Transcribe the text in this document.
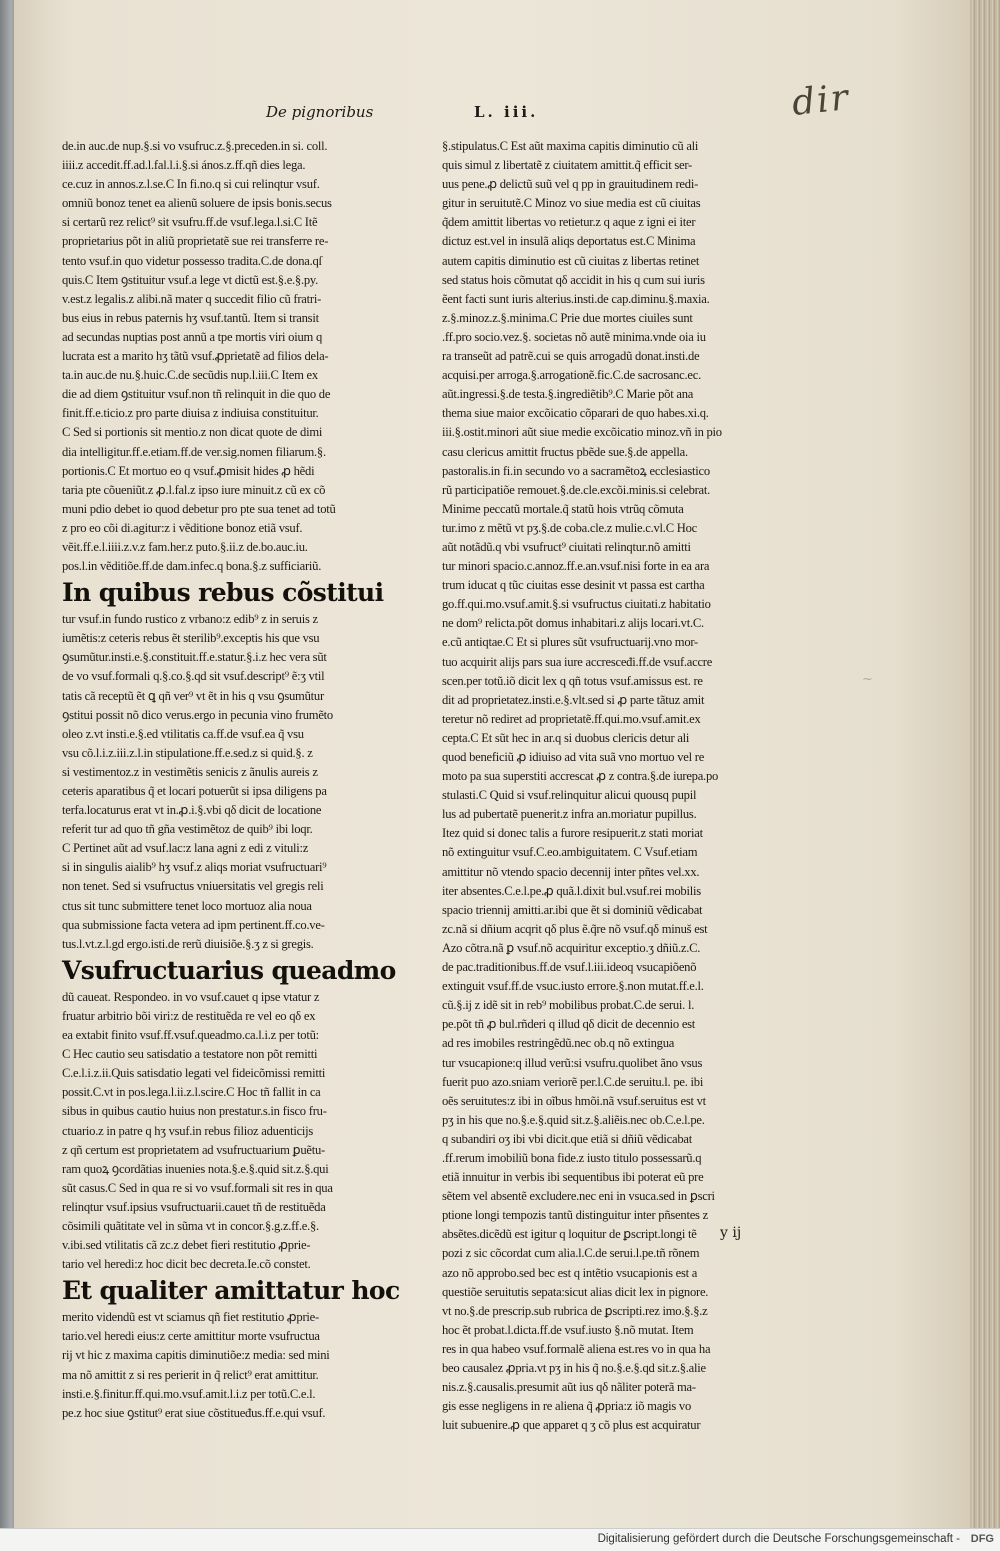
De pignoribus	L. iii.	dir
de.in auc.de nup.§.si vo vsufruc.z.§.preceden.in si. coll.
iiii.z accedit.ff.ad.l.fal.l.i.§.si ános.z.ff.qñ dies lega.
ce.cuz in annos.z.l.se.C In fi.no.q si cui relinqtur vsuf.
omniũ bonoz tenet ea alienũ soluere de ipsis bonis.secus
si certarũ rez relict⁹ sit vsufru.ff.de vsuf.lega.l.si.C Itẽ
proprietarius põt in aliũ proprietatẽ sue rei transferre re-
tento vsuf.in quo videtur possesso tradita.C.de dona.qſ
quis.C Item ꝯstituitur vsuf.a lege vt dictũ est.§.e.§.py.
v.est.z legalis.z alibi.nã mater q succedit filio cũ fratri-
bus eius in rebus paternis hʒ vsuf.tantũ. Item si transit
ad secundas nuptias post annũ a tpe mortis viri oium q
lucrata est a marito hʒ tãtũ vsuf.ꝓprietatẽ ad filios dela-
ta.in auc.de nu.§.huic.C.de secũdis nup.l.iii.C Item ex
die ad diem ꝯstituitur vsuf.non tñ relinquit in die quo de
finit.ff.e.ticio.z pro parte diuisa z indiuisa constituitur.
C Sed si portionis sit mentio.z non dicat quote de dimi
dia intelligitur.ff.e.etiam.ff.de ver.sig.nomen filiarum.§.
portionis.C Et mortuo eo q vsuf.ꝓmisit hides ꝓ hẽdi
taria pte cõueniũt.z ꝓ.l.fal.z ipso iure minuit.z cũ ex cõ
muni pdio debet io quod debetur pro pte sua tenet ad totũ
z pro eo cõi di.agitur:z i vẽditione bonoz etiã vsuf.
vẽit.ff.e.l.iiii.z.v.z fam.her.z puto.§.ii.z de.bo.auc.iu.
pos.l.in vẽditiõe.ff.de dam.infec.q bona.§.z sufficiariũ.
In quibus rebus cõstitui
tur vsuf.in fundo rustico z vrbano:z edib⁹ z in seruis z
iumẽtis:z ceteris rebus ẽt sterilib⁹.exceptis his que vsu
ꝯsumũtur.insti.e.§.constituit.ff.e.statur.§.i.z hec vera sũt
de vo vsuf.formali q.§.co.§.qd sit vsuf.descript⁹ ẽ:ʒ vtil
tatis cã receptũ ẽt ꝗ qñ ver⁹ vt ẽt in his q vsu ꝯsumũtur
ꝯstitui possit nõ dico verus.ergo in pecunia vino frumẽto
oleo z.vt insti.e.§.ed vtilitatis ca.ff.de vsuf.ea q̃ vsu
vsu cõ.l.i.z.iii.z.l.in stipulatione.ff.e.sed.z si quid.§. z
si vestimentoz.z in vestimẽtis senicis z ãnulis aureis z
ceteris aparatibus q̃ et locari potuerũt si ipsa diligens pa
terfa.locaturus erat vt in.ꝓ.i.§.vbi qδ dicit de locatione
referit tur ad quo tñ gña vestimẽtoz de quib⁹ ibi loqr.
C Pertinet aũt ad vsuf.lac:z lana agni z edi z vituli:z
si in singulis aialib⁹ hʒ vsuf.z aliqs moriat vsufructuari⁹
non tenet. Sed si vsufructus vniuersitatis vel gregis reli
ctus sit tunc submittere tenet loco mortuoz alia noua
qua submissione facta vetera ad ipm pertinent.ff.co.ve-
tus.l.vt.z.l.gd ergo.isti.de rerũ diuisiõe.§.ʒ z si gregis.
Vsufructuarius queadmo
dũ caueat. Respondeo. in vo vsuf.cauet q ipse vtatur z
fruatur arbitrio bõi viri:z de restituẽda re vel eo qδ ex
ea extabit finito vsuf.ff.vsuf.queadmo.ca.l.i.z per totũ:
C Hec cautio seu satisdatio a testatore non põt remitti
C.e.l.i.z.ii.Quis satisdatio legati vel fideicõmissi remitti
possit.C.vt in pos.lega.l.ii.z.l.scire.C Hoc tñ fallit in ca
sibus in quibus cautio huius non prestatur.s.in fisco fru-
ctuario.z in patre q hʒ vsuf.in rebus filioz aduenticijs
z qñ certum est proprietatem ad vsufructuarium ꝑuẽtu-
ram quoꝝ ꝯcordãtias inuenies nota.§.e.§.quid sit.z.§.qui
sũt casus.C Sed in qua re si vo vsuf.formali sit res in qua
relinqtur vsuf.ipsius vsufructuarii.cauet tñ de restituẽda
cõsimili quãtitate vel in sũma vt in concor.§.g.z.ff.e.§.
v.ibi.sed vtilitatis cã zc.z debet fieri restitutio ꝓprie-
tario vel heredi:z hoc dicit bec decreta.Ie.cõ constet.
Et qualiter amittatur hoc
merito videndũ est vt sciamus qñ fiet restitutio ꝓprie-
tario.vel heredi eius:z certe amittitur morte vsufructua
rij vt hic z maxima capitis diminutiõe:z media: sed mini
ma nõ amittit z si res perierit in q̃ relict⁹ erat amittitur.
insti.e.§.finitur.ff.qui.mo.vsuf.amit.l.i.z per totũ.C.e.l.
pe.z hoc siue ꝯstitut⁹ erat siue cõstitueđus.ff.e.qui vsuf.
§.stipulatus.C Est aũt maxima capitis diminutio cũ ali
quis simul z libertatẽ z ciuitatem amittit.q̃ efficit ser-
uus pene.ꝓ delictũ suũ vel q pp in grauitudinem redi-
gitur in seruitutẽ.C Minoz vo siue media est cũ ciuitas
q̃dem amittit libertas vo retietur.z q aque z igni ei iter
dictuz est.vel in insulã aliqs deportatus est.C Minima
autem capitis diminutio est cũ ciuitas z libertas retinet
sed status hois cõmutat qδ accidit in his q cum sui iuris
ẽent facti sunt iuris alterius.insti.de cap.diminu.§.maxia.
z.§.minoz.z.§.minima.C Prie due mortes ciuiles sunt
.ff.pro socio.vez.§. societas nõ autẽ minima.vnde oia iu
ra transeũt ad patrẽ.cui se quis arrogadũ donat.insti.de
acquisi.per arroga.§.arrogationẽ.fic.C.de sacrosanc.ec.
aũt.ingressi.§.de testa.§.ingrediẽtib⁹.C Marie põt ana
thema siue maior excõicatio cõparari de quo habes.xi.q.
iii.§.ostit.minori aũt siue medie excõicatio minoz.vñ in pio
casu clericus amittit fructus pbẽde sue.§.de appella.
pastoralis.in fi.in secundo vo a sacramẽtoꝝ ecclesiastico
rũ participatiõe remouet.§.de.cle.excõi.minis.si celebrat.
Minime peccatũ mortale.q̃ statũ hois vtrũq cõmuta
tur.imo z mẽtũ vt pʒ.§.de coba.cle.z mulie.c.vl.C Hoc
aũt notãdũ.q vbi vsufruct⁹ ciuitati relinqtur.nõ amitti
tur minori spacio.c.annoz.ff.e.an.vsuf.nisi forte in ea ara
trum iducat q tũc ciuitas esse desinit vt passa est cartha
go.ff.qui.mo.vsuf.amit.§.si vsufructus ciuitati.z habitatio
ne dom⁹ relicta.põt domus inhabitari.z alijs locari.vt.C.
e.cũ antiqtae.C Et si plures sũt vsufructuarij.vno mor-
tuo acquirit alijs pars sua iure accresceđi.ff.de vsuf.accre
scen.per totũ.iõ dicit lex q qñ totus vsuf.amissus est. re
dit ad proprietatez.insti.e.§.vlt.sed si ꝓ parte tãtuz amit
teretur nõ rediret ad proprietatẽ.ff.qui.mo.vsuf.amit.ex
cepta.C Et sũt hec in ar.q si duobus clericis detur ali
quod beneficiũ ꝓ idiuiso ad vita suã vno mortuo vel re
moto pa sua superstiti accrescat ꝓ z contra.§.de iurepa.po
stulasti.C Quid si vsuf.relinquitur alicui quousq pupil
lus ad pubertatẽ puenerit.z infra an.moriatur pupillus.
Itez quid si donec talis a furore resipuerit.z stati moriat
nõ extinguitur vsuf.C.eo.ambiguitatem. C Vsuf.etiam
amittitur nõ vtendo spacio decennij inter pñtes vel.xx.
iter absentes.C.e.l.pe.ꝓ quã.l.dixit bul.vsuf.rei mobilis
spacio triennij amitti.ar.ibi que ẽt si dominiũ vẽdicabat
zc.nã si dñium acqrit qδ plus ẽ.q̃re nõ vsuf.qδ minuš est
Azo cõtra.nã ꝑ vsuf.nõ acquiritur exceptio.ʒ dñiũ.z.C.
de pac.traditionibus.ff.de vsuf.l.iii.ideoq vsucapiõenõ
extinguit vsuf.ff.de vsuc.iusto errore.§.non mutat.ff.e.l.
cũ.§.ij z idẽ sit in reb⁹ mobilibus probat.C.de serui. l.
pe.põt tñ ꝓ bul.rñderi q illud qδ dicit de decennio est
ad res imobiles restringẽdũ.nec ob.q nõ extingua
tur vsucapione:q illud verũ:si vsufru.quolibet ãno vsus
fuerit puo azo.sniam veriorẽ per.l.C.de seruitu.l. pe. ibi
oẽs seruitutes:z ibi in oĩbus hmõi.nã vsuf.seruitus est vt
pʒ in his que no.§.e.§.quid sit.z.§.aliẽis.nec ob.C.e.l.pe.
q subandiri oʒ ibi vbi dicit.que etiã si dñiũ vẽdicabat
.ff.rerum imobiliũ bona fide.z iusto titulo possessarũ.q
etiã innuitur in verbis ibi sequentibus ibi poterat eũ pre
sẽtem vel absentẽ excludere.nec eni in vsuca.sed in ꝑscri
ptione longi tempozis tantũ distinguitur inter pñsentes z
absẽtes.dicẽdũ est igitur q loquitur de ꝑscript.longi tẽ
pozi z sic cõcordat cum alia.l.C.de serui.l.pe.tñ rõnem
azo nõ approbo.sed bec est q intẽtio vsucapionis est a
questiõe seruitutis sepata:sicut alias dicit lex in pignore.
vt no.§.de prescrip.sub rubrica de ꝑscripti.rez imo.§.§.z
hoc ẽt probat.l.dicta.ff.de vsuf.iusto §.nõ mutat. Item
res in qua habeo vsuf.formalẽ aliena est.res vo in qua ha
beo causalez ꝓpria.vt pʒ in his q̃ no.§.e.§.qd sit.z.§.alie
nis.z.§.causalis.presumit aũt ius qδ nãliter poterã ma-
gis esse negligens in re aliena q̃ ꝓpria:z iõ magis vo
luit subuenire.ꝓ que apparet q ʒ cõ plus est acquiratur
y ij
~
Digitalisierung gefördert durch die Deutsche Forschungsgemeinschaft - DFG
